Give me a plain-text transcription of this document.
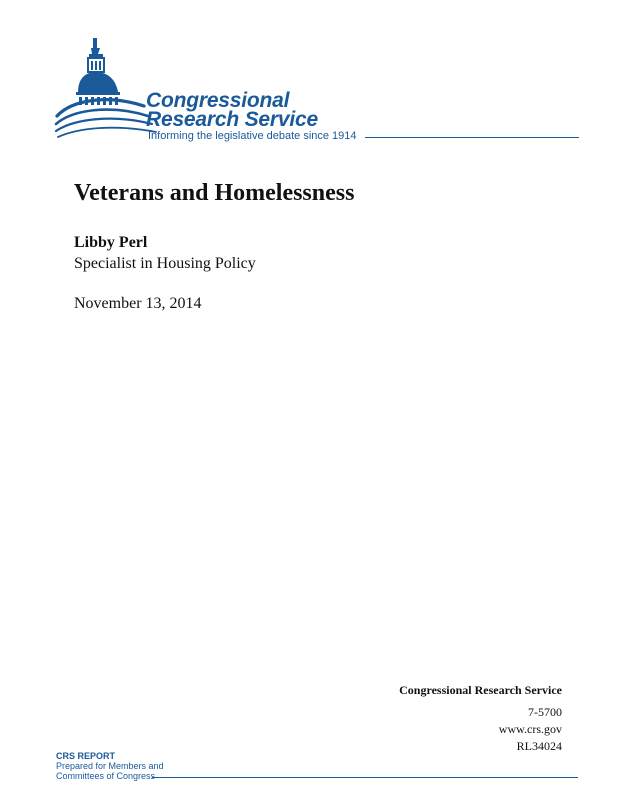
Congressional
Research Service
Informing the legislative debate since 1914
Veterans and Homelessness
Libby Perl
Specialist in Housing Policy
November 13, 2014
Congressional Research Service
7-5700
www.crs.gov
RL34024
CRS REPORT
Prepared for Members and
Committees of Congress
